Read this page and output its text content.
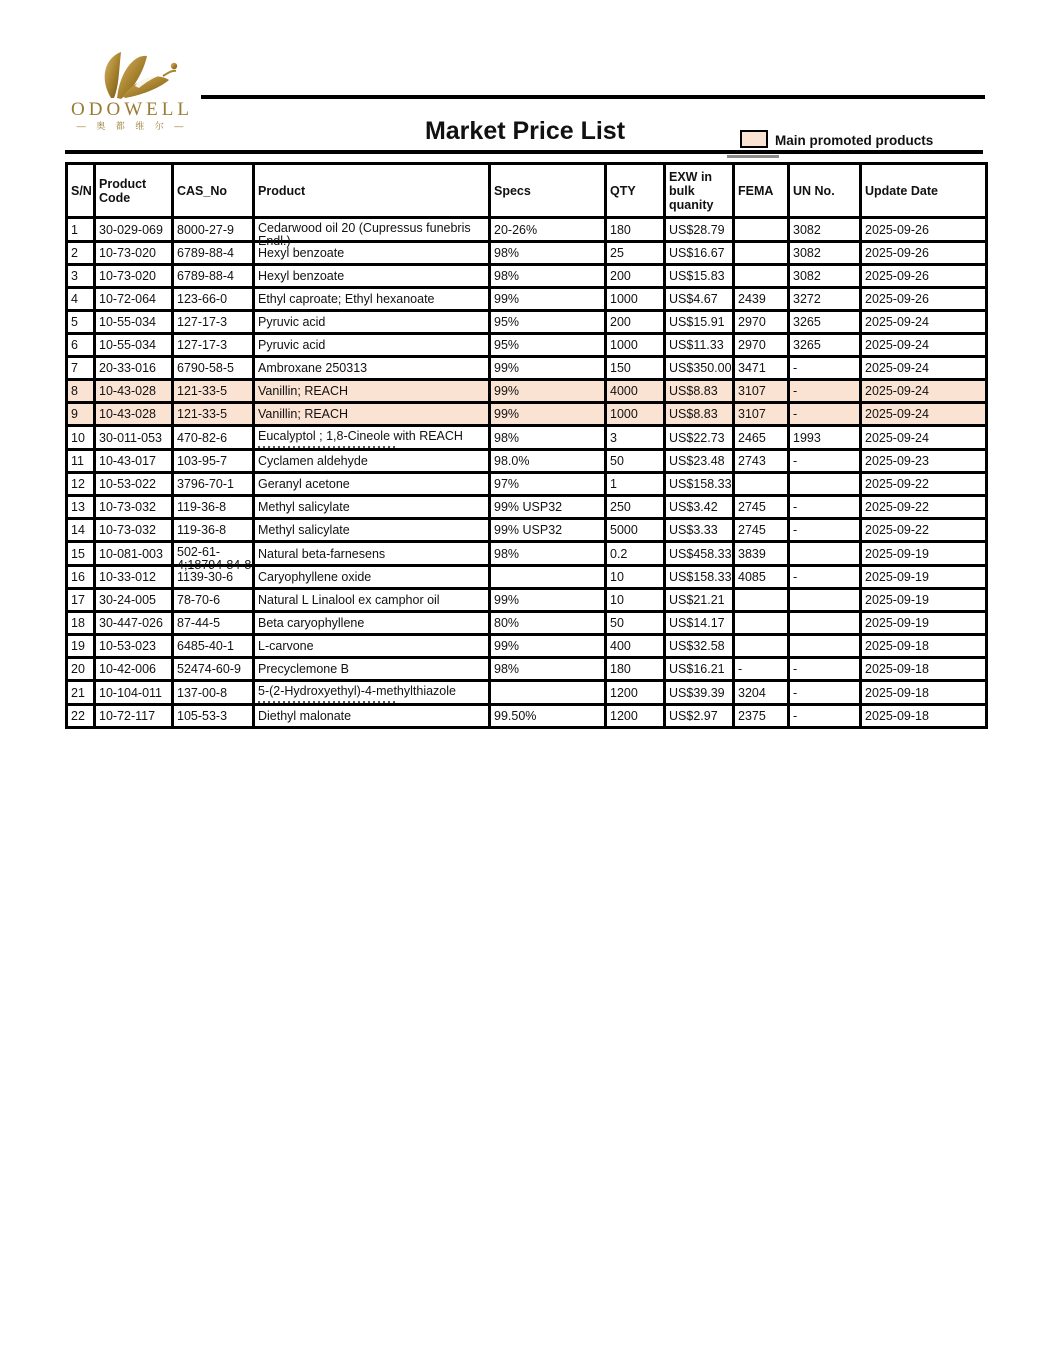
ODOWELL
— 奥 都 维 尔 —	Market Price List	Main promoted products
S/N	Product Code	CAS_No	Product	Specs	QTY	EXW in bulk quanity	FEMA	UN No.	Update Date
1	30-029-069	8000-27-9	Cedarwood oil 20 (Cupressus funebris
Endl.)	20-26%	180	US$28.79		3082	2025-09-26
2	10-73-020	6789-88-4	Hexyl benzoate	98%	25	US$16.67		3082	2025-09-26
3	10-73-020	6789-88-4	Hexyl benzoate	98%	200	US$15.83		3082	2025-09-26
4	10-72-064	123-66-0	Ethyl caproate; Ethyl hexanoate	99%	1000	US$4.67	2439	3272	2025-09-26
5	10-55-034	127-17-3	Pyruvic acid	95%	200	US$15.91	2970	3265	2025-09-24
6	10-55-034	127-17-3	Pyruvic acid	95%	1000	US$11.33	2970	3265	2025-09-24
7	20-33-016	6790-58-5	Ambroxane 250313	99%	150	US$350.00	3471	-	2025-09-24
8	10-43-028	121-33-5	Vanillin; REACH	99%	4000	US$8.83	3107	-	2025-09-24
9	10-43-028	121-33-5	Vanillin; REACH	99%	1000	US$8.83	3107	-	2025-09-24
10	30-011-053	470-82-6	Eucalyptol ; 1,8-Cineole with REACH	98%	3	US$22.73	2465	1993	2025-09-24
11	10-43-017	103-95-7	Cyclamen aldehyde	98.0%	50	US$23.48	2743	-	2025-09-23
12	10-53-022	3796-70-1	Geranyl acetone	97%	1	US$158.33			2025-09-22
13	10-73-032	119-36-8	Methyl salicylate	99% USP32	250	US$3.42	2745	-	2025-09-22
14	10-73-032	119-36-8	Methyl salicylate	99% USP32	5000	US$3.33	2745	-	2025-09-22
15	10-081-003	502-61-
4;18794-84-8	Natural beta-farnesens	98%	0.2	US$458.33	3839		2025-09-19
16	10-33-012	1139-30-6	Caryophyllene oxide		10	US$158.33	4085	-	2025-09-19
17	30-24-005	78-70-6	Natural L Linalool ex camphor oil	99%	10	US$21.21			2025-09-19
18	30-447-026	87-44-5	Beta caryophyllene	80%	50	US$14.17			2025-09-19
19	10-53-023	6485-40-1	L-carvone	99%	400	US$32.58			2025-09-18
20	10-42-006	52474-60-9	Precyclemone B	98%	180	US$16.21	-	-	2025-09-18
21	10-104-011	137-00-8	5-(2-Hydroxyethyl)-4-methylthiazole		1200	US$39.39	3204	-	2025-09-18
22	10-72-117	105-53-3	Diethyl malonate	99.50%	1200	US$2.97	2375	-	2025-09-18
